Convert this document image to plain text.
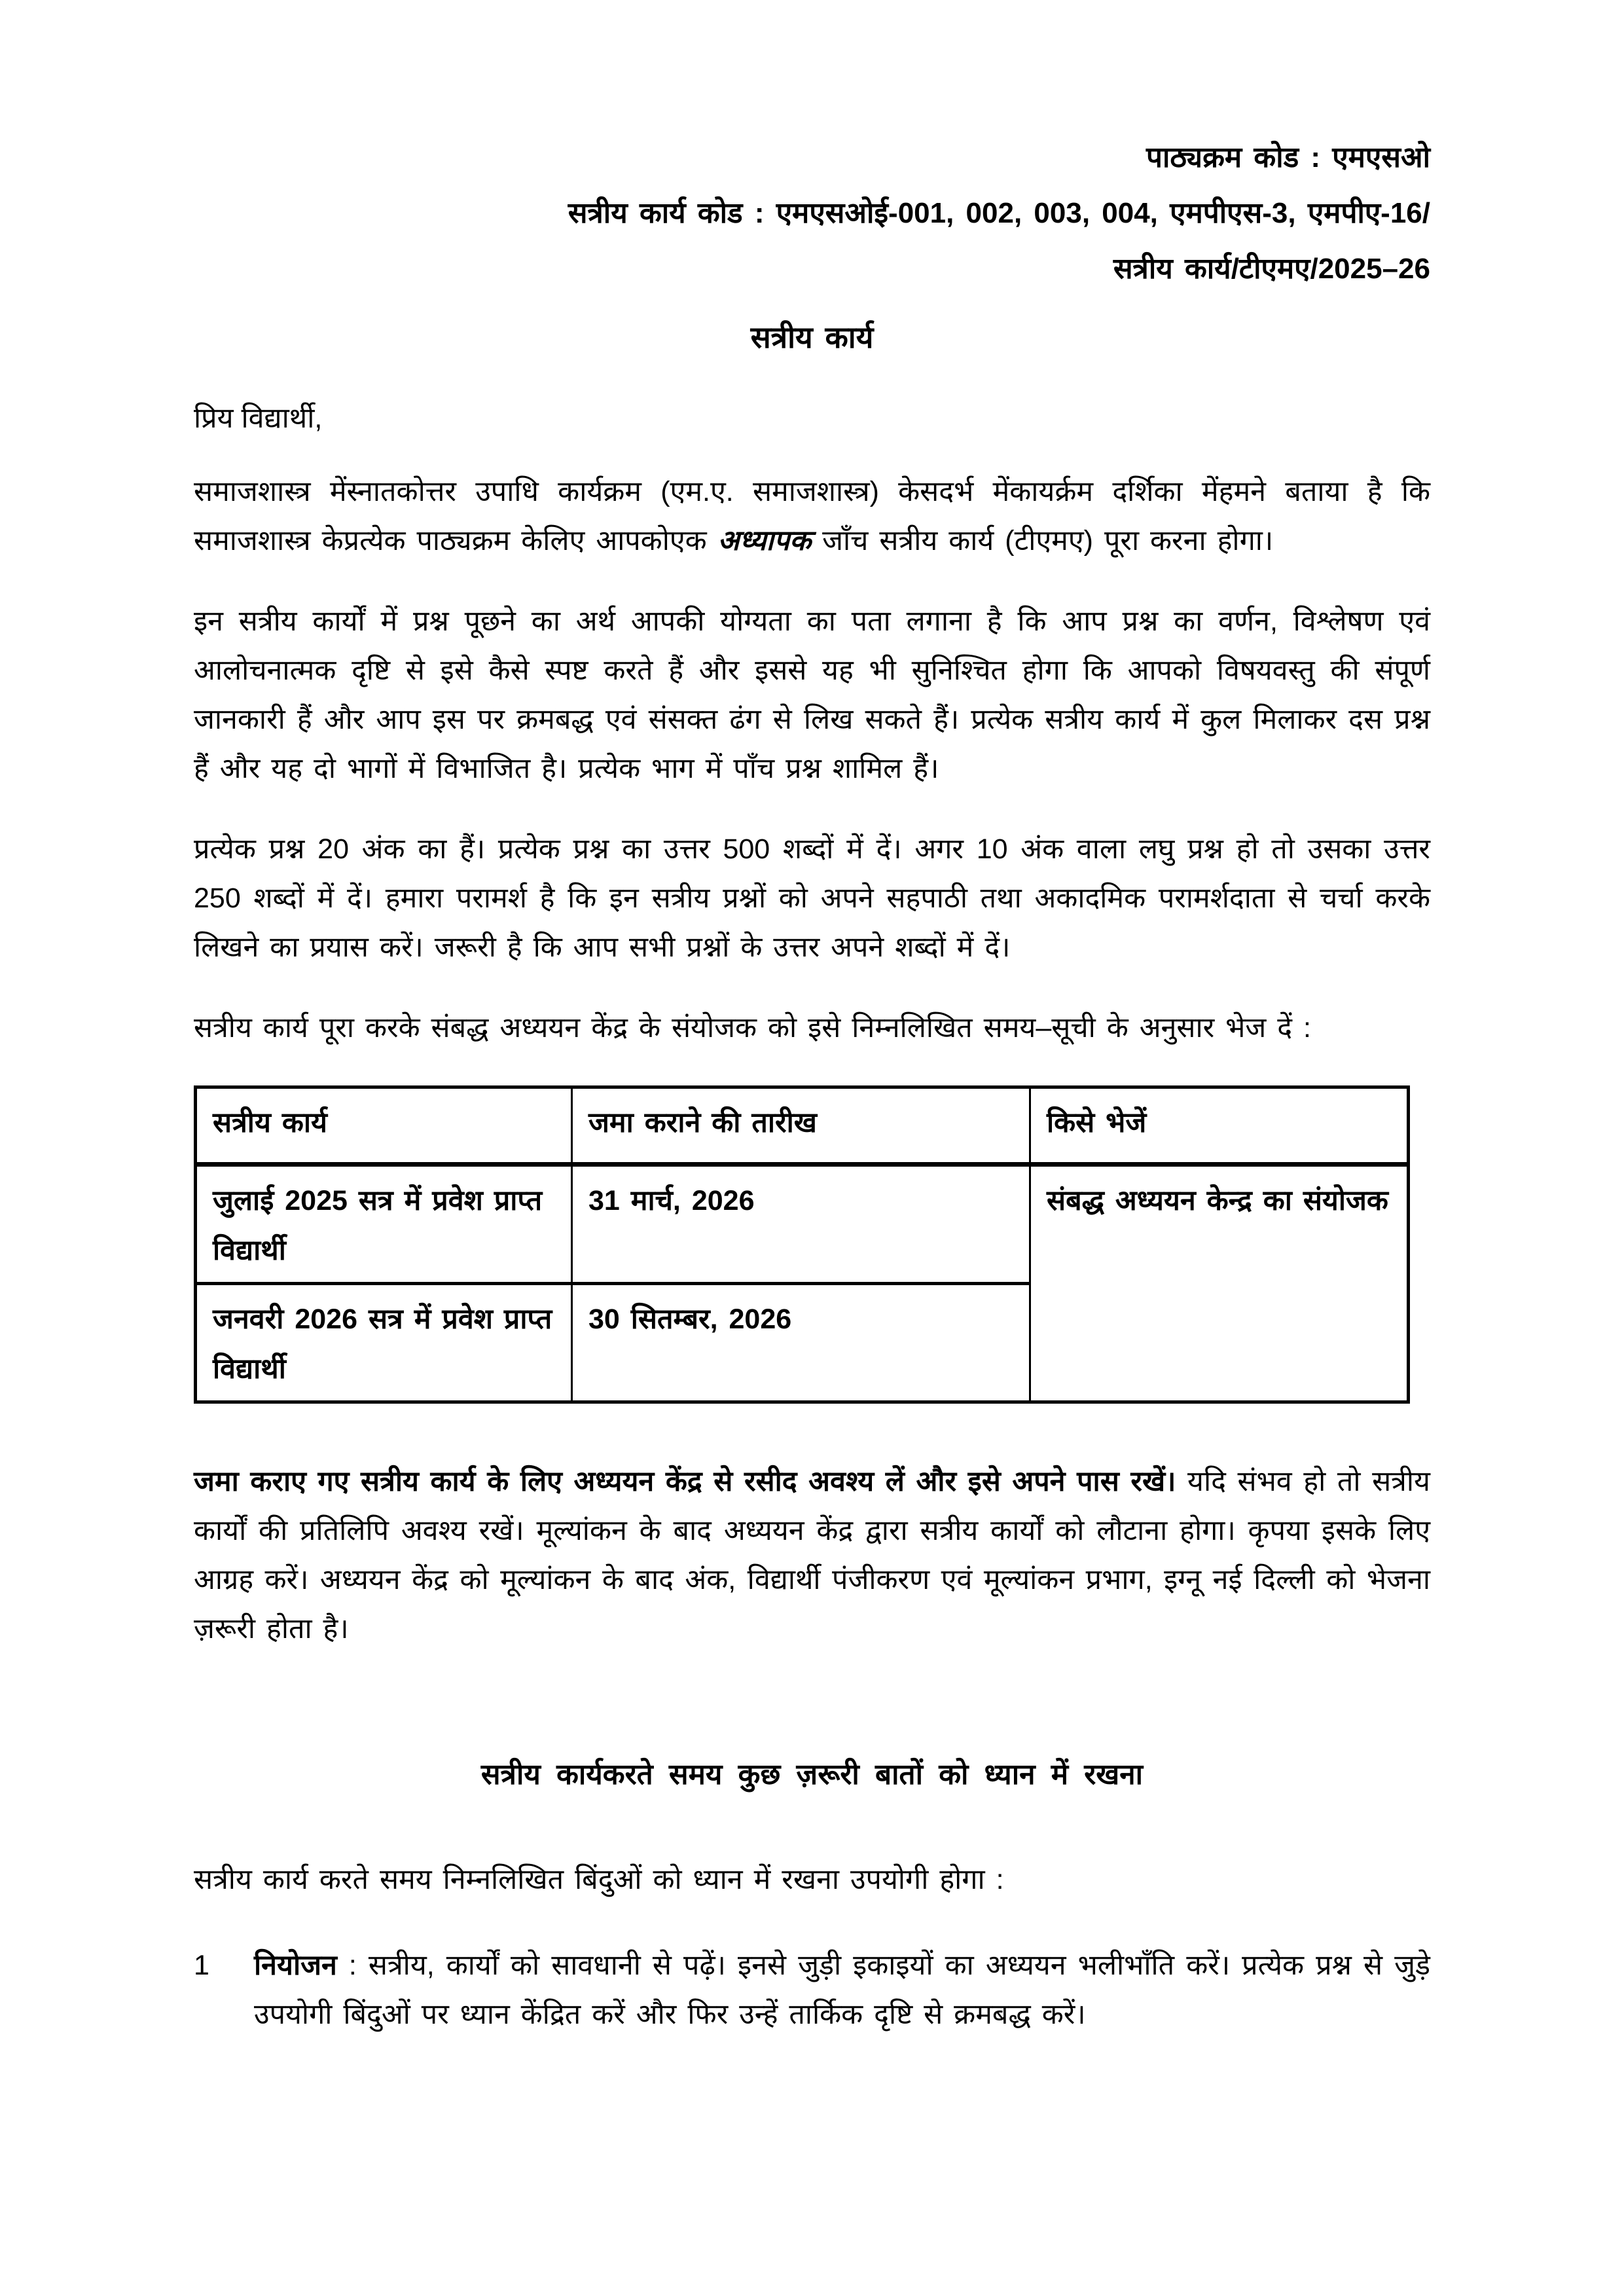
पाठ्यक्रम कोड : एमएसओ
सत्रीय कार्य कोड : एमएसओई-001, 002, 003, 004, एमपीएस-3, एमपीए-16/
सत्रीय कार्य/टीएमए/2025–26
सत्रीय कार्य

प्रिय विद्यार्थी,

समाजशास्त्र मेंस्नातकोत्तर उपाधि कार्यक्रम (एम.ए. समाजशास्त्र) केसदर्भ मेंकायर्क्रम दर्शिका मेंहमने बताया है कि समाजशास्त्र केप्रत्येक पाठ्यक्रम केलिए आपकोएक अध्यापक जाँच सत्रीय कार्य (टीएमए) पूरा करना होगा।

इन सत्रीय कार्यों में प्रश्न पूछने का अर्थ आपकी योग्यता का पता लगाना है कि आप प्रश्न का वर्णन, विश्लेषण एवं आलोचनात्मक दृष्टि से इसे कैसे स्पष्ट करते हैं और इससे यह भी सुनिश्चित होगा कि आपको विषयवस्तु की संपूर्ण जानकारी हैं और आप इस पर क्रमबद्ध एवं संसक्त ढंग से लिख सकते हैं। प्रत्येक सत्रीय कार्य में कुल मिलाकर दस प्रश्न हैं और यह दो भागों में विभाजित है। प्रत्येक भाग में पाँच प्रश्न शामिल हैं।

प्रत्येक प्रश्न 20 अंक का हैं। प्रत्येक प्रश्न का उत्तर 500 शब्दों में दें। अगर 10 अंक वाला लघु प्रश्न हो तो उसका उत्तर 250 शब्दों में दें। हमारा परामर्श है कि इन सत्रीय प्रश्नों को अपने सहपाठी तथा अकादमिक परामर्शदाता से चर्चा करके लिखने का प्रयास करें। जरूरी है कि आप सभी प्रश्नों के उत्तर अपने शब्दों में दें।

सत्रीय कार्य पूरा करके संबद्ध अध्ययन केंद्र के संयोजक को इसे निम्नलिखित समय–सूची के अनुसार भेज दें :

सत्रीय कार्य	जमा कराने की तारीख	किसे भेजें
जुलाई 2025 सत्र में प्रवेश प्राप्त विद्यार्थी	31 मार्च, 2026	संबद्ध अध्ययन केन्द्र का संयोजक
जनवरी 2026 सत्र में प्रवेश प्राप्त विद्यार्थी	30 सितम्बर, 2026	

जमा कराए गए सत्रीय कार्य के लिए अध्ययन केंद्र से रसीद अवश्य लें और इसे अपने पास रखें। यदि संभव हो तो सत्रीय कार्यों की प्रतिलिपि अवश्य रखें। मूल्यांकन के बाद अध्ययन केंद्र द्वारा सत्रीय कार्यों को लौटाना होगा। कृपया इसके लिए आग्रह करें। अध्ययन केंद्र को मूल्यांकन के बाद अंक, विद्यार्थी पंजीकरण एवं मूल्यांकन प्रभाग, इग्नू नई दिल्ली को भेजना ज़रूरी होता है।

सत्रीय कार्यकरते समय कुछ ज़रूरी बातों को ध्यान में रखना

सत्रीय कार्य करते समय निम्नलिखित बिंदुओं को ध्यान में रखना उपयोगी होगा :

1	नियोजन : सत्रीय, कार्यों को सावधानी से पढ़ें। इनसे जुड़ी इकाइयों का अध्ययन भलीभाँति करें। प्रत्येक प्रश्न से जुड़े उपयोगी बिंदुओं पर ध्यान केंद्रित करें और फिर उन्हें तार्किक दृष्टि से क्रमबद्ध करें।
